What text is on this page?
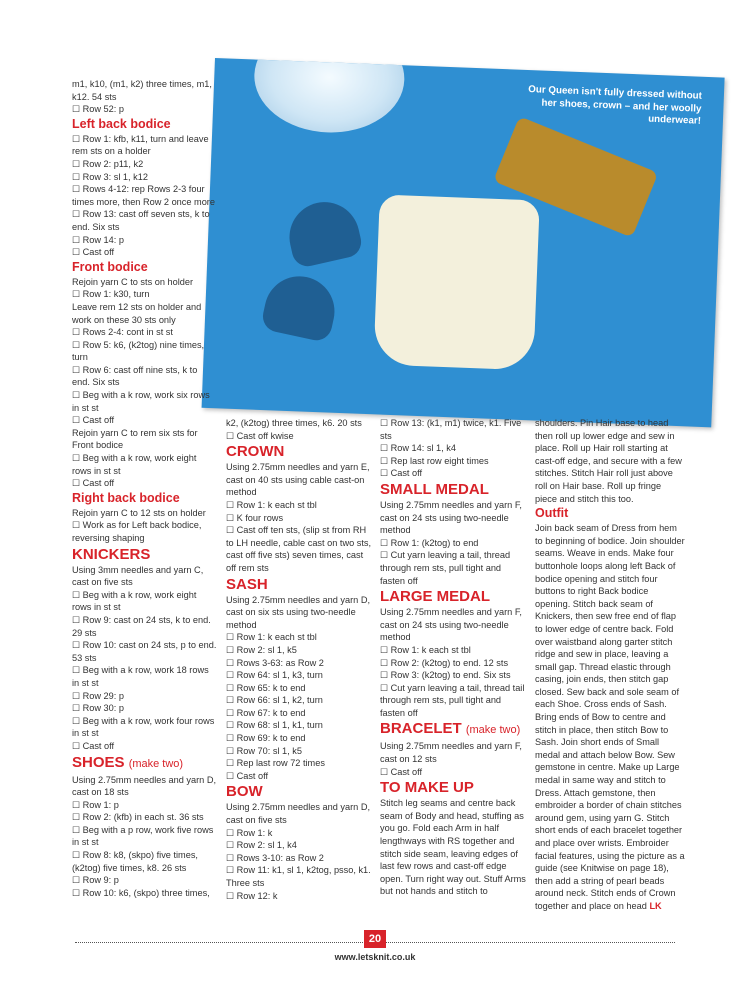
Our Queen isn't fully dressed without her shoes, crown – and her woolly underwear!

m1, k10, (m1, k2) three times, m1, k12. 54 sts

☐ Row 52: p

Left back bodice

☐ Row 1: kfb, k11, turn and leave rem sts on a holder

☐ Row 2: p11, k2

☐ Row 3: sl 1, k12

☐ Rows 4-12: rep Rows 2-3 four times more, then Row 2 once more

☐ Row 13: cast off seven sts, k to end. Six sts

☐ Row 14: p

☐ Cast off

Front bodice

Rejoin yarn C to sts on holder

☐ Row 1: k30, turn

Leave rem 12 sts on holder and work on these 30 sts only

☐ Rows 2-4: cont in st st

☐ Row 5: k6, (k2tog) nine times, turn

☐ Row 6: cast off nine sts, k to end. Six sts

☐ Beg with a k row, work six rows in st st

☐ Cast off

Rejoin yarn C to rem six sts for Front bodice

☐ Beg with a k row, work eight rows in st st

☐ Cast off

Right back bodice

Rejoin yarn C to 12 sts on holder

☐ Work as for Left back bodice, reversing shaping

KNICKERS

Using 3mm needles and yarn C, cast on five sts

☐ Beg with a k row, work eight rows in st st

☐ Row 9: cast on 24 sts, k to end. 29 sts

☐ Row 10: cast on 24 sts, p to end. 53 sts

☐ Beg with a k row, work 18 rows in st st

☐ Row 29: p

☐ Row 30: p

☐ Beg with a k row, work four rows in st st

☐ Cast off

SHOES (make two)

Using 2.75mm needles and yarn D, cast on 18 sts

☐ Row 1: p

☐ Row 2: (kfb) in each st. 36 sts

☐ Beg with a p row, work five rows in st st

☐ Row 8: k8, (skpo) five times, (k2tog) five times, k8. 26 sts

☐ Row 9: p

☐ Row 10: k6, (skpo) three times,

k2, (k2tog) three times, k6. 20 sts

☐ Cast off kwise

CROWN

Using 2.75mm needles and yarn E, cast on 40 sts using cable cast-on method

☐ Row 1: k each st tbl

☐ K four rows

☐ Cast off ten sts, (slip st from RH to LH needle, cable cast on two sts, cast off five sts) seven times, cast off rem sts

SASH

Using 2.75mm needles and yarn D, cast on six sts using two-needle method

☐ Row 1: k each st tbl

☐ Row 2: sl 1, k5

☐ Rows 3-63: as Row 2

☐ Row 64: sl 1, k3, turn

☐ Row 65: k to end

☐ Row 66: sl 1, k2, turn

☐ Row 67: k to end

☐ Row 68: sl 1, k1, turn

☐ Row 69: k to end

☐ Row 70: sl 1, k5

☐ Rep last row 72 times

☐ Cast off

BOW

Using 2.75mm needles and yarn D, cast on five sts

☐ Row 1: k

☐ Row 2: sl 1, k4

☐ Rows 3-10: as Row 2

☐ Row 11: k1, sl 1, k2tog, psso, k1. Three sts

☐ Row 12: k

☐ Row 13: (k1, m1) twice, k1. Five sts

☐ Row 14: sl 1, k4

☐ Rep last row eight times

☐ Cast off

SMALL MEDAL

Using 2.75mm needles and yarn F, cast on 24 sts using two-needle method

☐ Row 1: (k2tog) to end

☐ Cut yarn leaving a tail, thread through rem sts, pull tight and fasten off

LARGE MEDAL

Using 2.75mm needles and yarn F, cast on 24 sts using two-needle method

☐ Row 1: k each st tbl

☐ Row 2: (k2tog) to end. 12 sts

☐ Row 3: (k2tog) to end. Six sts

☐ Cut yarn leaving a tail, thread tail through rem sts, pull tight and fasten off

BRACELET (make two)

Using 2.75mm needles and yarn F, cast on 12 sts

☐ Cast off

TO MAKE UP

Stitch leg seams and centre back seam of Body and head, stuffing as you go. Fold each Arm in half lengthways with RS together and stitch side seam, leaving edges of last few rows and cast-off edge open. Turn right way out. Stuff Arms but not hands and stitch to

shoulders. Pin Hair base to head then roll up lower edge and sew in place. Roll up Hair roll starting at cast-off edge, and secure with a few stitches. Stitch Hair roll just above roll on Hair base. Roll up fringe piece and stitch this too.

Outfit

Join back seam of Dress from hem to beginning of bodice. Join shoulder seams. Weave in ends. Make four buttonhole loops along left Back of bodice opening and stitch four buttons to right Back bodice opening. Stitch back seam of Knickers, then sew free end of flap to lower edge of centre back. Fold over waistband along garter stitch ridge and sew in place, leaving a small gap. Thread elastic through casing, join ends, then stitch gap closed. Sew back and sole seam of each Shoe. Cross ends of Sash. Bring ends of Bow to centre and stitch in place, then stitch Bow to Sash. Join short ends of Small medal and attach below Bow. Sew gemstone in centre. Make up Large medal in same way and stitch to Dress. Attach gemstone, then embroider a border of chain stitches around gem, using yarn G. Stitch short ends of each bracelet together and place over wrists. Embroider facial features, using the picture as a guide (see Knitwise on page 18), then add a string of pearl beads around neck. Stitch ends of Crown together and place on head LK

20
www.letsknit.co.uk
